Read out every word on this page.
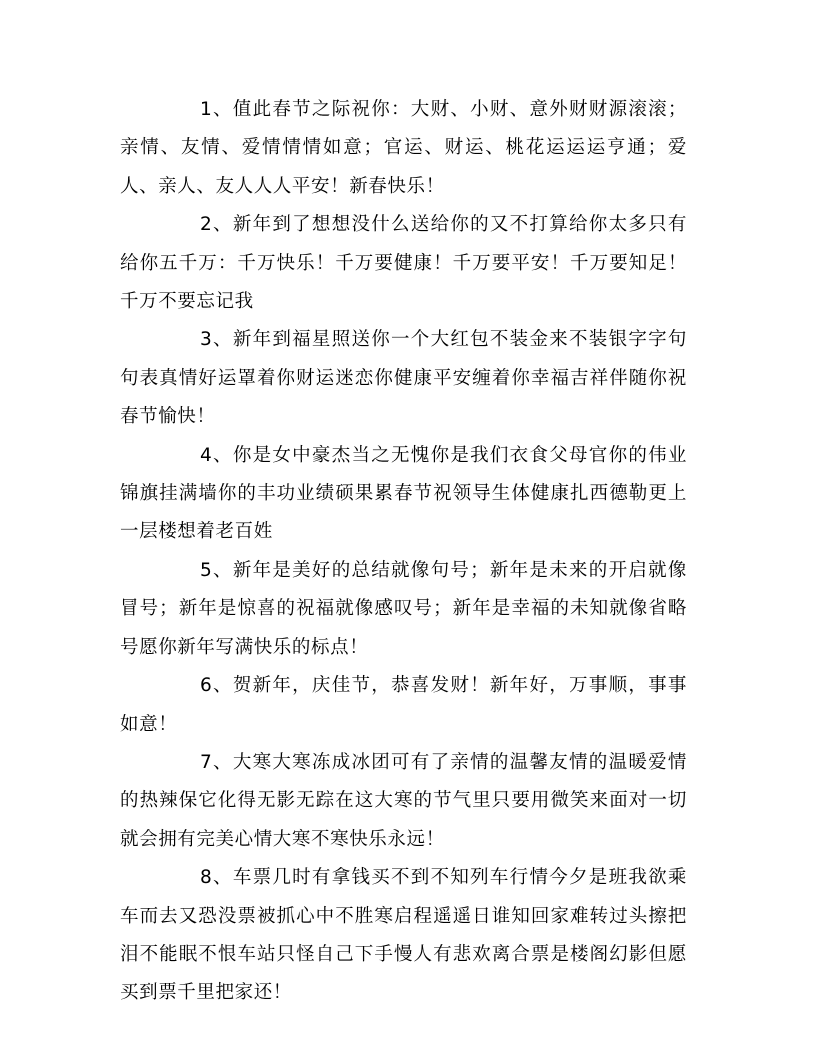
1、值此春节之际祝你：大财、小财、意外财财源滚滚；亲情、友情、爱情情情如意；官运、财运、桃花运运运亨通；爱人、亲人、友人人人平安！新春快乐！

2、新年到了想想没什么送给你的又不打算给你太多只有给你五千万：千万快乐！千万要健康！千万要平安！千万要知足！千万不要忘记我

3、新年到福星照送你一个大红包不装金来不装银字字句句表真情好运罩着你财运迷恋你健康平安缠着你幸福吉祥伴随你祝春节愉快！

4、你是女中豪杰当之无愧你是我们衣食父母官你的伟业锦旗挂满墙你的丰功业绩硕果累春节祝领导生体健康扎西德勒更上一层楼想着老百姓

5、新年是美好的总结就像句号；新年是未来的开启就像冒号；新年是惊喜的祝福就像感叹号；新年是幸福的未知就像省略号愿你新年写满快乐的标点！

6、贺新年，庆佳节，恭喜发财！新年好，万事顺，事事如意！

7、大寒大寒冻成冰团可有了亲情的温馨友情的温暖爱情的热辣保它化得无影无踪在这大寒的节气里只要用微笑来面对一切就会拥有完美心情大寒不寒快乐永远！

8、车票几时有拿钱买不到不知列车行情今夕是班我欲乘车而去又恐没票被抓心中不胜寒启程遥遥日谁知回家难转过头擦把泪不能眠不恨车站只怪自己下手慢人有悲欢离合票是楼阁幻影但愿买到票千里把家还！
